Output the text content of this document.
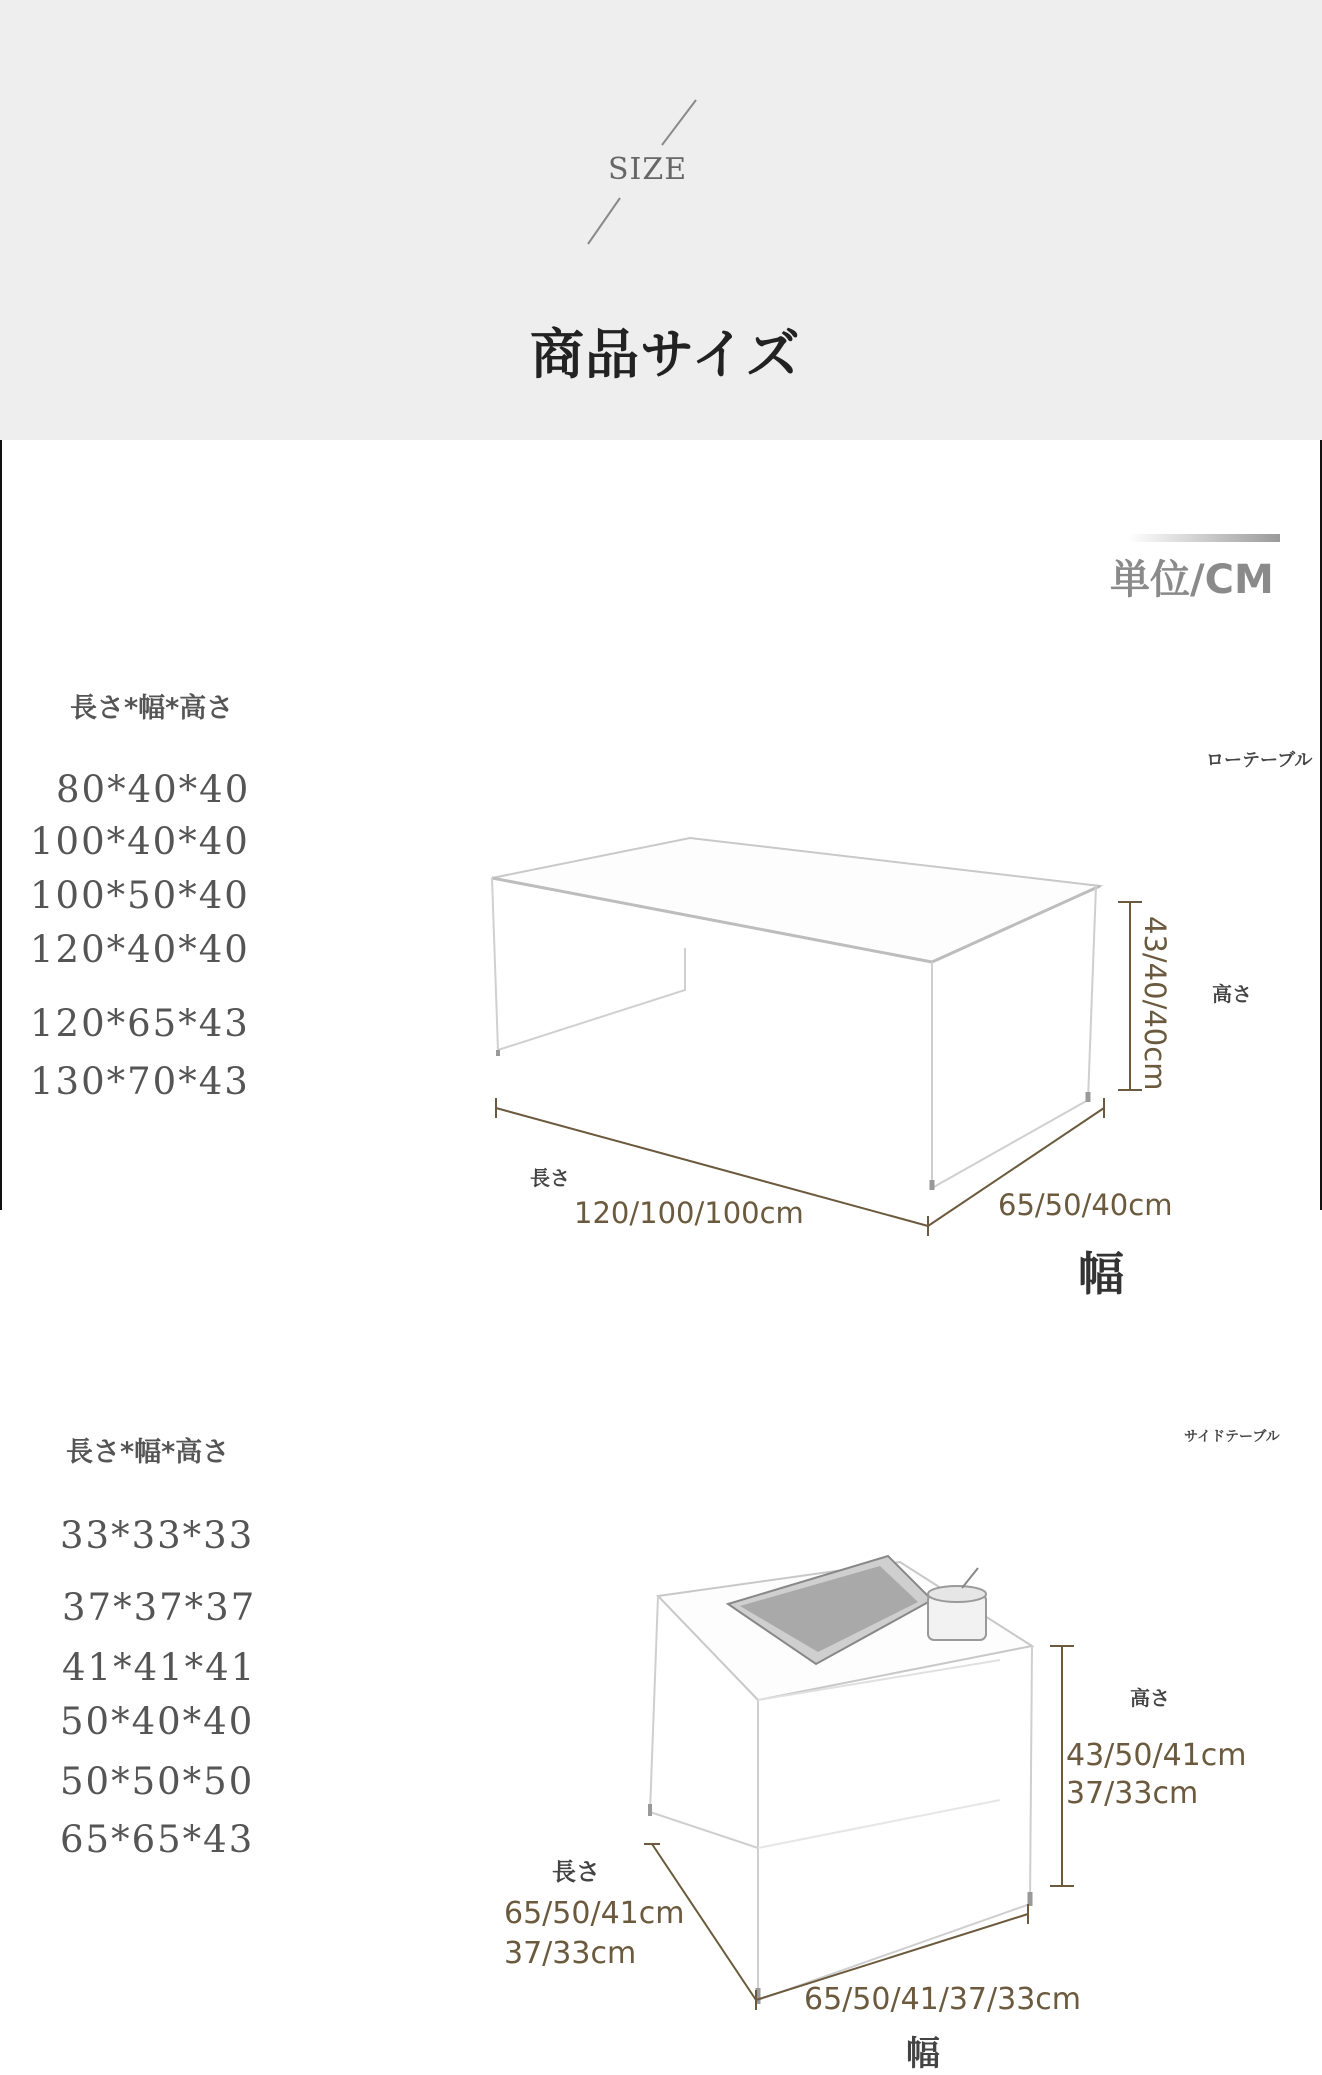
SIZE
商品サイズ
単位/CM
ローテーブル
長さ*幅*高さ
80*40*40
100*40*40
100*50*40
120*40*40
120*65*43
130*70*43	43/40/40cm 高さ
長さ
120/100/100cm	65/50/40cm
幅
サイドテーブル
長さ*幅*高さ
33*33*33
37*37*37
41*41*41
50*40*40
50*50*50
65*65*43
高さ
43/50/41cm
37/33cm
長さ
65/50/41cm
37/33cm
65/50/41/37/33cm
幅
